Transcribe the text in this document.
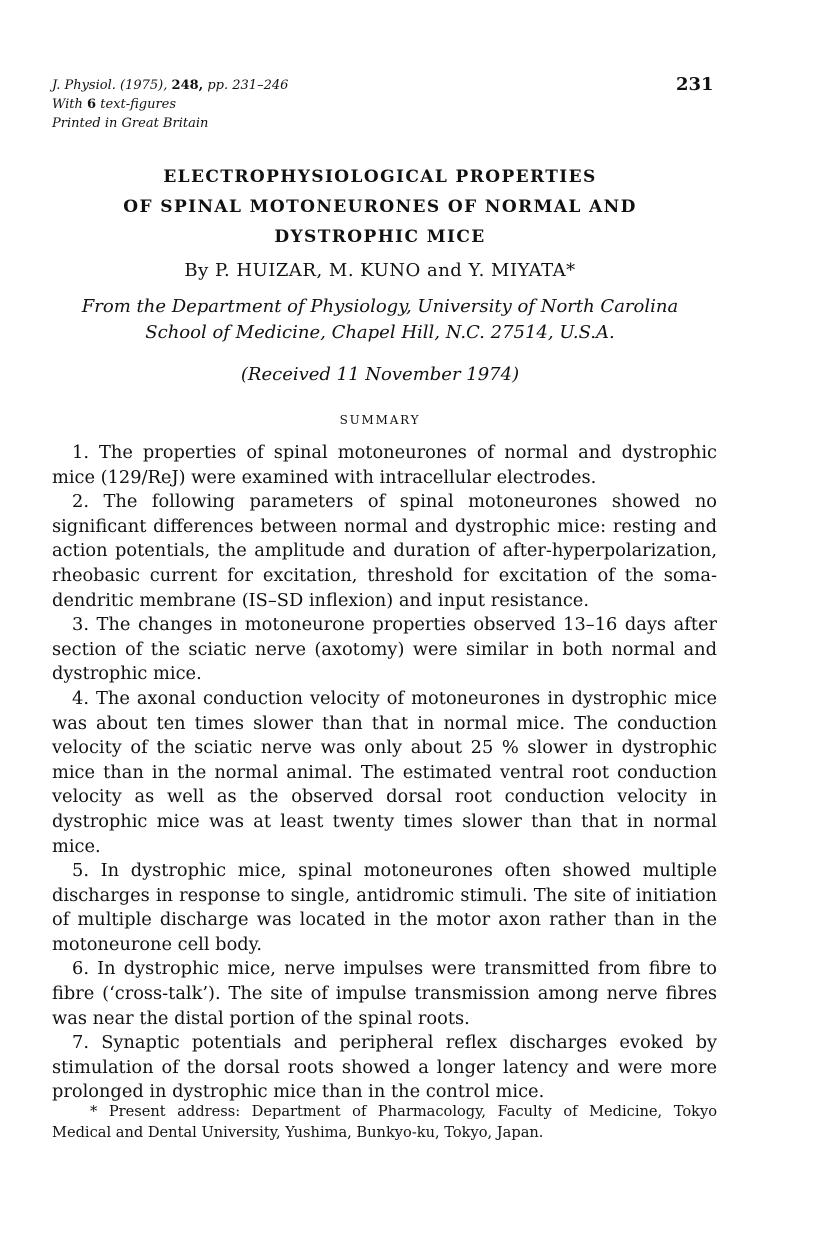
J. Physiol. (1975), 248, pp. 231–246
With 6 text-figures
Printed in Great Britain
231
ELECTROPHYSIOLOGICAL PROPERTIES
OF SPINAL MOTONEURONES OF NORMAL AND
DYSTROPHIC MICE
By P. HUIZAR, M. KUNO and Y. MIYATA*
From the Department of Physiology, University of North Carolina
School of Medicine, Chapel Hill, N.C. 27514, U.S.A.
(Received 11 November 1974)
SUMMARY

1. The properties of spinal motoneurones of normal and dystrophic mice (129/ReJ) were examined with intracellular electrodes.

2. The following parameters of spinal motoneurones showed no significant differences between normal and dystrophic mice: resting and action potentials, the amplitude and duration of after-hyperpolarization, rheobasic current for excitation, threshold for excitation of the soma-dendritic membrane (IS–SD inflexion) and input resistance.

3. The changes in motoneurone properties observed 13–16 days after section of the sciatic nerve (axotomy) were similar in both normal and dystrophic mice.

4. The axonal conduction velocity of motoneurones in dystrophic mice was about ten times slower than that in normal mice. The conduction velocity of the sciatic nerve was only about 25 % slower in dystrophic mice than in the normal animal. The estimated ventral root conduction velocity as well as the observed dorsal root conduction velocity in dystrophic mice was at least twenty times slower than that in normal mice.

5. In dystrophic mice, spinal motoneurones often showed multiple discharges in response to single, antidromic stimuli. The site of initiation of multiple discharge was located in the motor axon rather than in the motoneurone cell body.

6. In dystrophic mice, nerve impulses were transmitted from fibre to fibre (‘cross-talk’). The site of impulse transmission among nerve fibres was near the distal portion of the spinal roots.

7. Synaptic potentials and peripheral reflex discharges evoked by stimulation of the dorsal roots showed a longer latency and were more prolonged in dystrophic mice than in the control mice.

* Present address: Department of Pharmacology, Faculty of Medicine, Tokyo Medical and Dental University, Yushima, Bunkyo-ku, Tokyo, Japan.
